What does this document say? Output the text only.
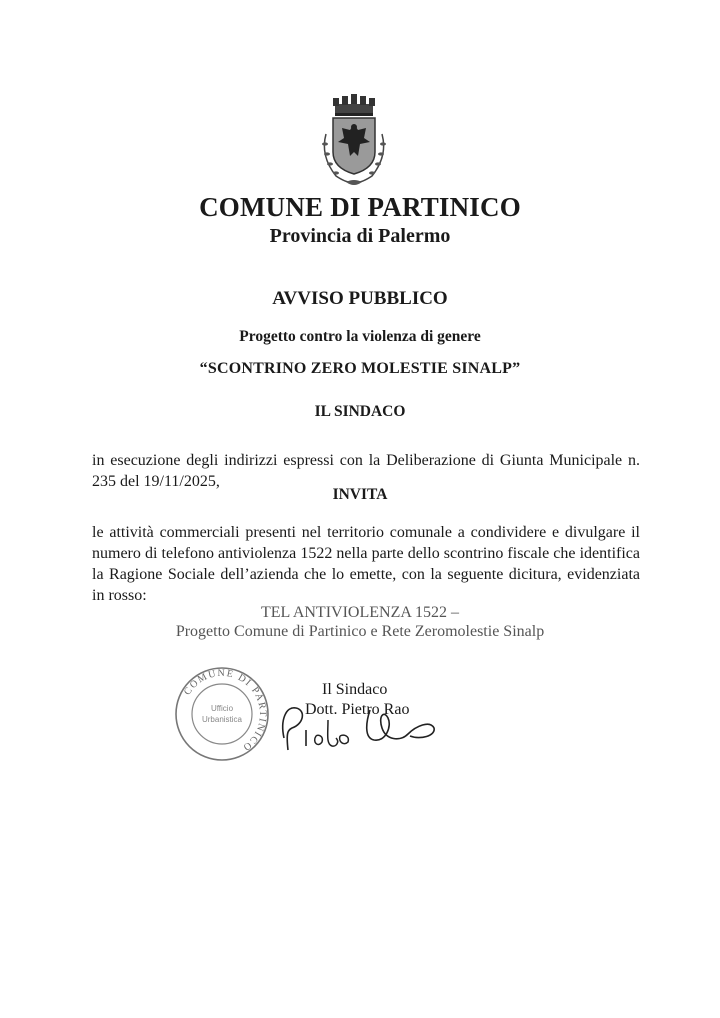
COMUNE DI PARTINICO
Provincia di Palermo
AVVISO PUBBLICO
Progetto contro la violenza di genere
“SCONTRINO ZERO MOLESTIE SINALP”
IL SINDACO
in esecuzione degli indirizzi espressi con la Deliberazione di Giunta Municipale n. 235 del 19/11/2025,
INVITA
le attività commerciali presenti nel territorio comunale a condividere e divulgare il numero di telefono antiviolenza 1522 nella parte dello scontrino fiscale che identifica la Ragione Sociale dell’azienda che lo emette, con la seguente dicitura, evidenziata in rosso:
TEL ANTIVIOLENZA 1522 –
Progetto Comune di Partinico e Rete Zeromolestie Sinalp
COMUNE DI PARTINICO
Ufficio
Urbanistica
Il Sindaco
Dott. Pietro Rao
